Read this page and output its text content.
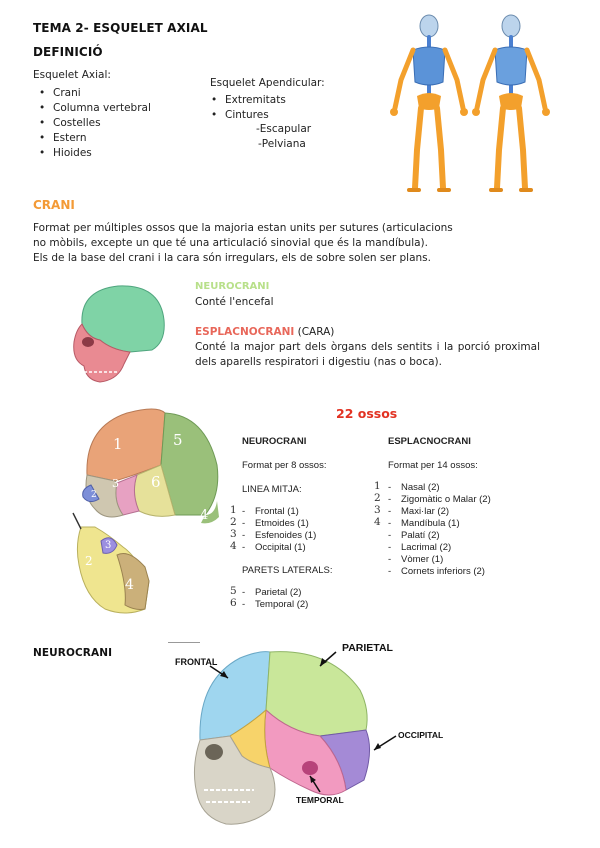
TEMA 2- ESQUELET AXIAL
DEFINICIÓ
Esquelet Axial:
• Crani
• Columna vertebral
• Costelles
• Estern
• Hioides
Esquelet Apendicular:
• Extremitats
• Cintures
-Escapular
-Pelviana
CRANI
Format per múltiples ossos que la majoria estan units per sutures (articulacions
no mòbils, excepte un que té una articulació sinovial que és la mandíbula).
Els de la base del crani i la cara són irregulars, els de sobre solen ser plans.
NEUROCRANI
Conté l'encefal
ESPLACNOCRANI (CARA)
Conté la major part dels òrgans dels sentits i la porció proximal
dels aparells respiratori i digestiu (nas o boca).
1	5
3 6
2
4
3
2
4
22 ossos
NEUROCRANI
Format per 8 ossos:
LINEA MITJA:
1 - Frontal (1)
2 - Etmoides (1)
3 - Esfenoides (1)
4 - Occipital (1)
PARETS LATERALS:
5 - Parietal (2)
6 - Temporal (2)
ESPLACNOCRANI
Format per 14 ossos:
1 - Nasal (2)
2 - Zigomàtic o Malar (2)
3 - Maxi·lar (2)
4 - Mandíbula (1)
- Palatí (2)
- Lacrimal (2)
- Vòmer (1)
- Cornets inferiors (2)
NEUROCRANI
FRONTAL
PARIETAL
OCCIPITAL
TEMPORAL
